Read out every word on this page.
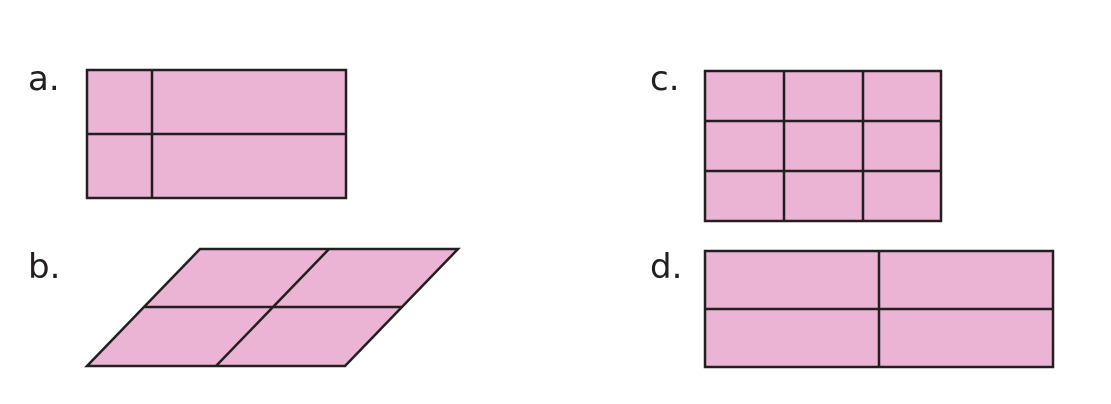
a.
b.
c.
d.
